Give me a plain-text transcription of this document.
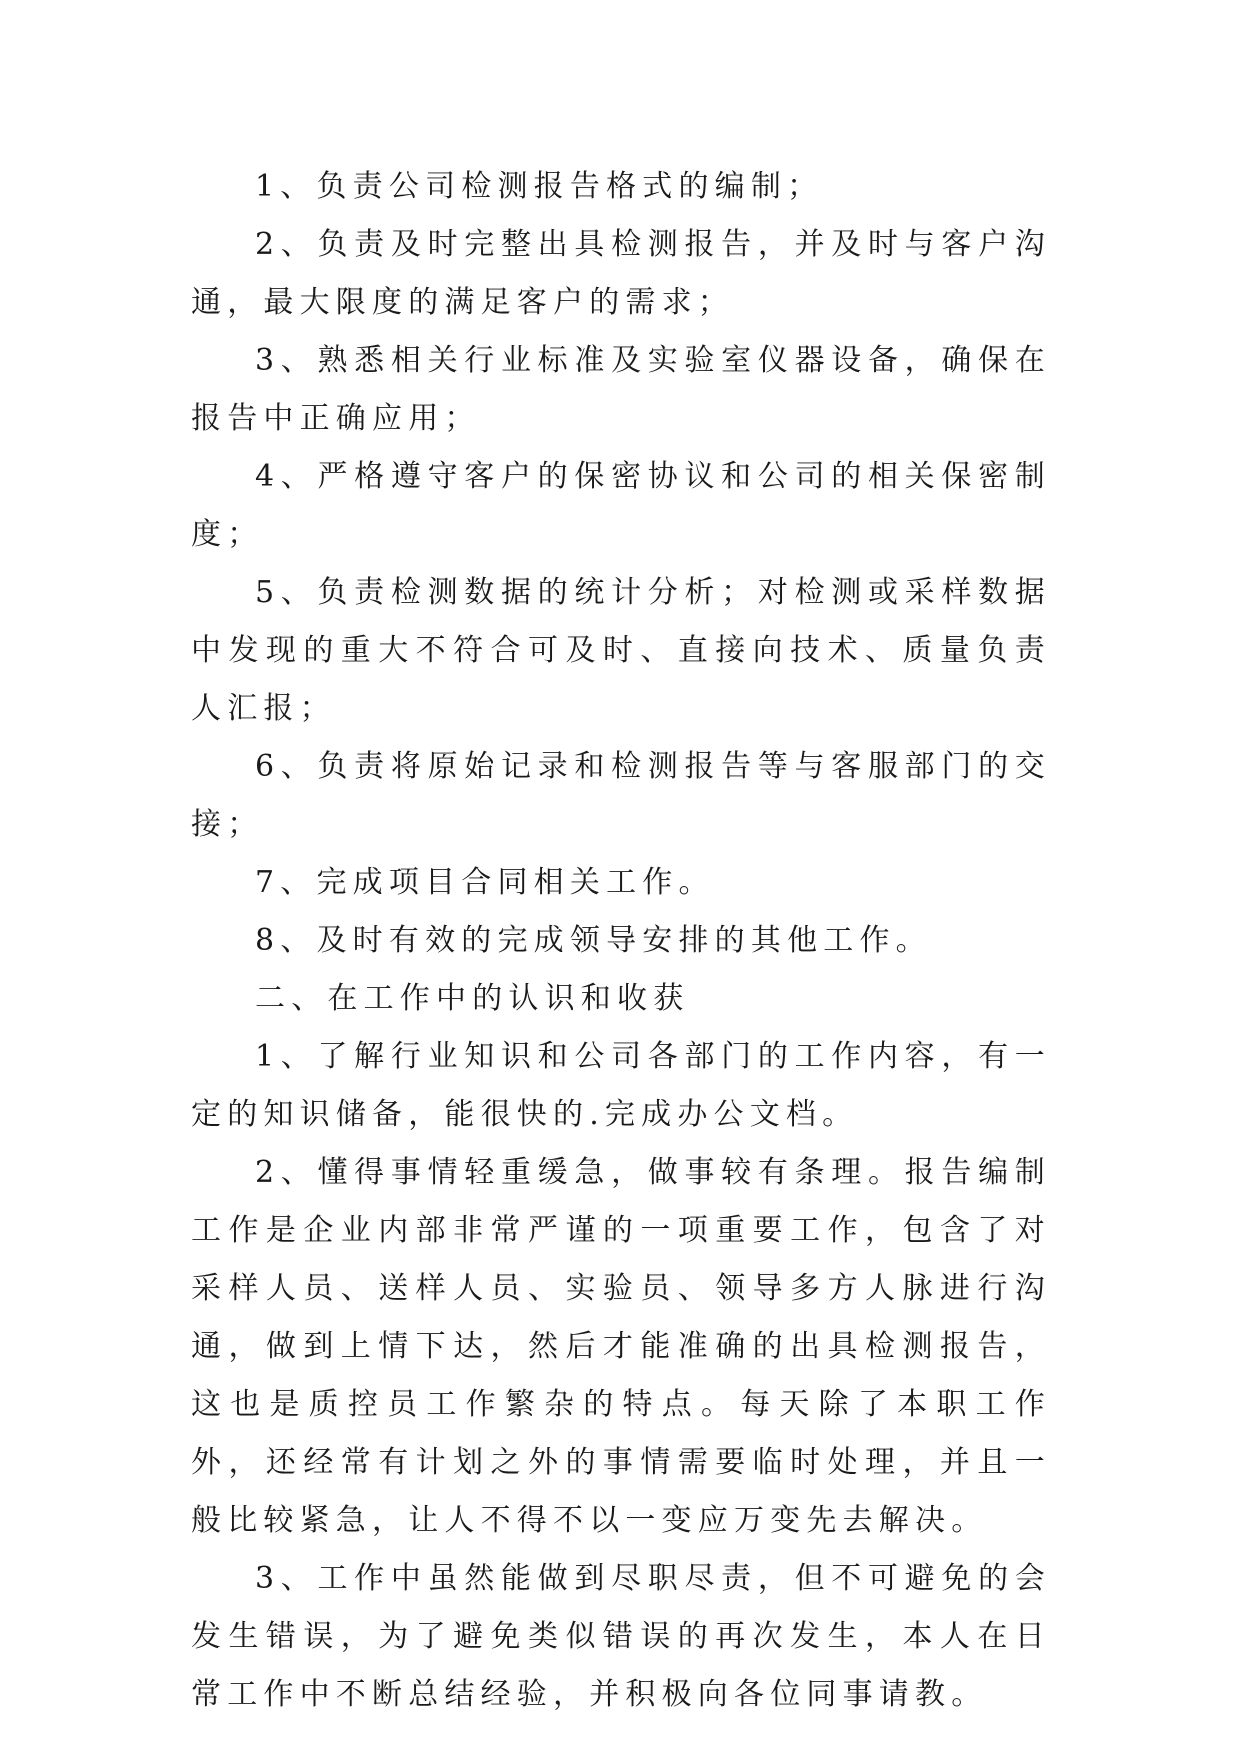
1、负责公司检测报告格式的编制；

2、负责及时完整出具检测报告，并及时与客户沟通，最大限度的满足客户的需求；

3、熟悉相关行业标准及实验室仪器设备，确保在报告中正确应用；

4、严格遵守客户的保密协议和公司的相关保密制度；

5、负责检测数据的统计分析；对检测或采样数据中发现的重大不符合可及时、直接向技术、质量负责人汇报；

6、负责将原始记录和检测报告等与客服部门的交接；

7、完成项目合同相关工作。

8、及时有效的完成领导安排的其他工作。

二、在工作中的认识和收获

1、了解行业知识和公司各部门的工作内容，有一定的知识储备，能很快的.完成办公文档。

2、懂得事情轻重缓急，做事较有条理。报告编制工作是企业内部非常严谨的一项重要工作，包含了对采样人员、送样人员、实验员、领导多方人脉进行沟通，做到上情下达，然后才能准确的出具检测报告，这也是质控员工作繁杂的特点。每天除了本职工作外，还经常有计划之外的事情需要临时处理，并且一般比较紧急，让人不得不以一变应万变先去解决。

3、工作中虽然能做到尽职尽责，但不可避免的会发生错误，为了避免类似错误的再次发生，本人在日常工作中不断总结经验，并积极向各位同事请教。
